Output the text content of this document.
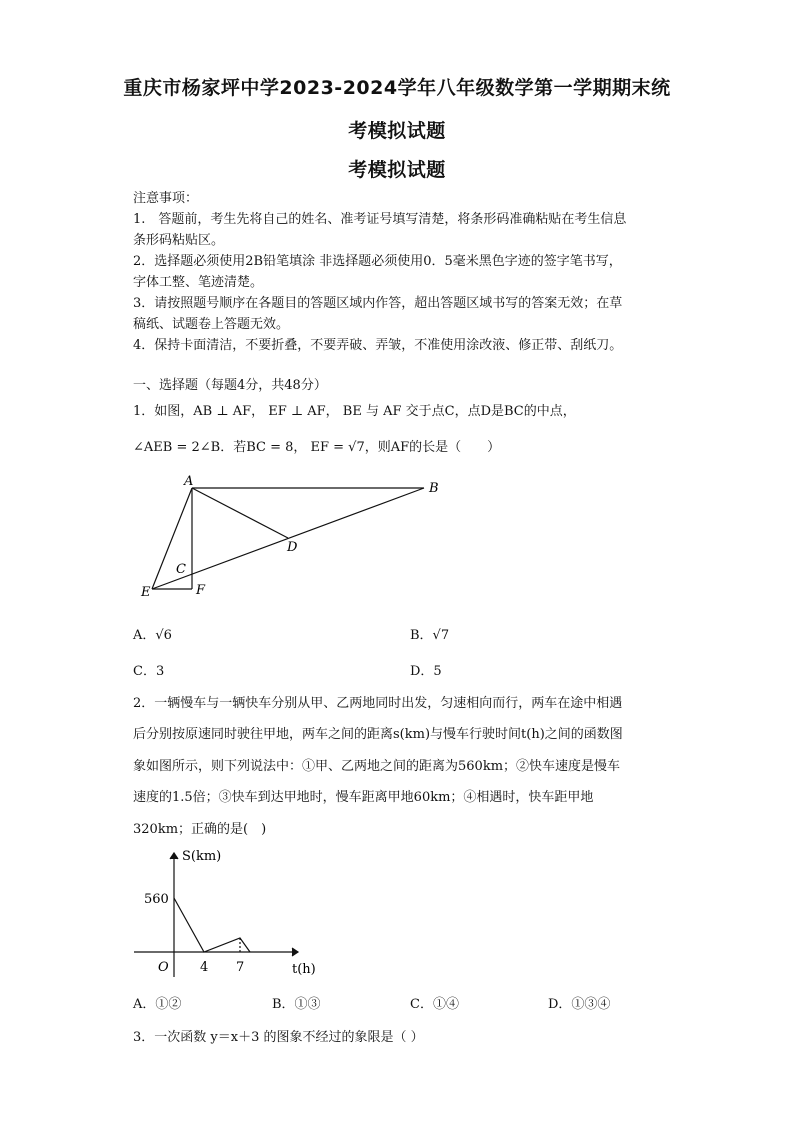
重庆市杨家坪中学2023-2024学年八年级数学第一学期期末统
考模拟试题
考模拟试题
注意事项：
1.　答题前，考生先将自己的姓名、准考证号填写清楚，将条形码准确粘贴在考生信息
条形码粘贴区。
2．选择题必须使用2B铅笔填涂 非选择题必须使用0．5毫米黑色字迹的签字笔书写，
字体工整、笔迹清楚。
3．请按照题号顺序在各题目的答题区域内作答，超出答题区域书写的答案无效；在草
稿纸、试题卷上答题无效。
4．保持卡面清洁，不要折叠，不要弄破、弄皱，不准使用涂改液、修正带、刮纸刀。
一、选择题（每题4分，共48分）
1．如图，AB ⊥ AF， EF ⊥ AF， BE 与 AF 交于点C，点D是BC的中点，
∠AEB = 2∠B．若BC = 8， EF = √7，则AF的长是（　　）
A	B
C
D
E	F
A．√6	B．√7
C．3	D．5
2．一辆慢车与一辆快车分别从甲、乙两地同时出发，匀速相向而行，两车在途中相遇
后分别按原速同时驶往甲地，两车之间的距离s(km)与慢车行驶时间t(h)之间的函数图
象如图所示，则下列说法中：①甲、乙两地之间的距离为560km；②快车速度是慢车
速度的1.5倍；③快车到达甲地时，慢车距离甲地60km；④相遇时，快车距甲地
320km；正确的是(　)
S(km)
560
O 4 7	t(h)
A．①②	B．①③	C．①④	D．①③④
3．一次函数 y＝x＋3 的图象不经过的象限是（ ）
